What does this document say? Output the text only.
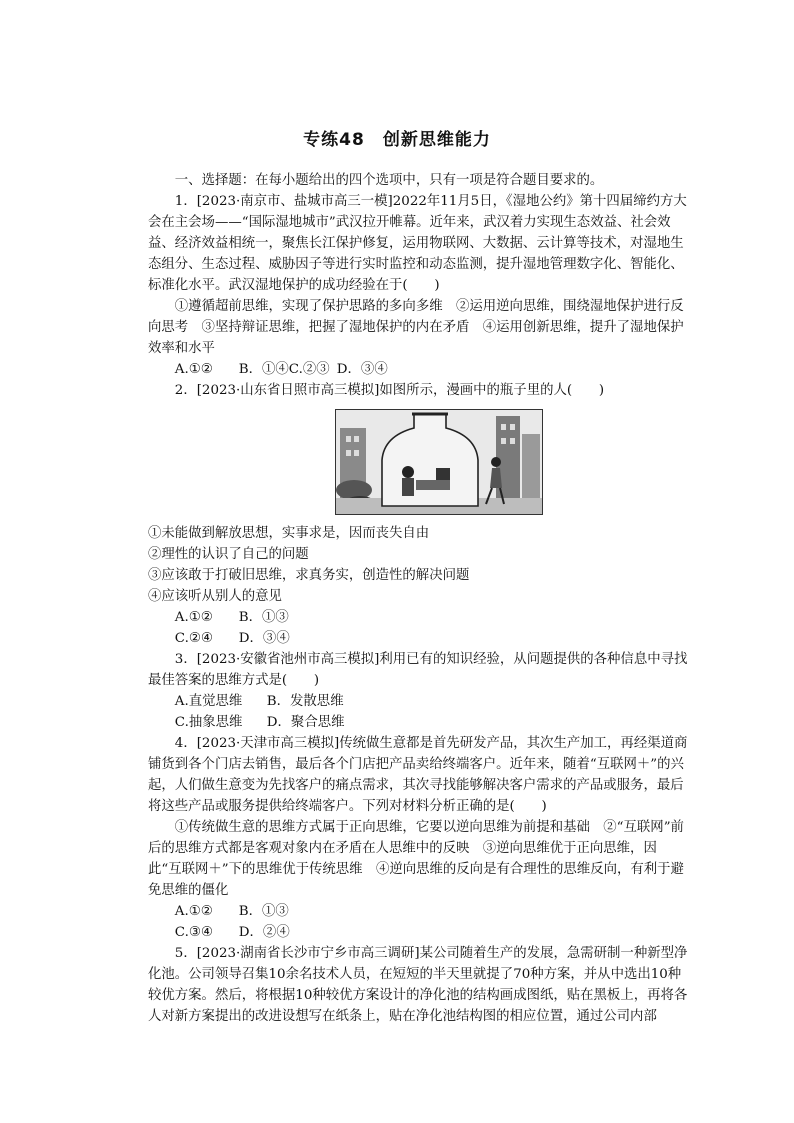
专练48　创新思维能力

一、选择题：在每小题给出的四个选项中，只有一项是符合题目要求的。

1．[2023·南京市、盐城市高三一模]2022年11月5日，《湿地公约》第十四届缔约方大会在主会场——“国际湿地城市”武汉拉开帷幕。近年来，武汉着力实现生态效益、社会效益、经济效益相统一，聚焦长江保护修复，运用物联网、大数据、云计算等技术，对湿地生态组分、生态过程、威胁因子等进行实时监控和动态监测，提升湿地管理数字化、智能化、标准化水平。武汉湿地保护的成功经验在于(　　)

①遵循超前思维，实现了保护思路的多向多维　②运用逆向思维，围绕湿地保护进行反向思考　③坚持辩证思维，把握了湿地保护的内在矛盾　④运用创新思维，提升了湿地保护效率和水平

A.①② B．①④C.②③ D．③④

2．[2023·山东省日照市高三模拟]如图所示，漫画中的瓶子里的人(　　)

①未能做到解放思想，实事求是，因而丧失自由

②理性的认识了自己的问题

③应该敢于打破旧思维，求真务实，创造性的解决问题

④应该听从别人的意见

A.①② B．①③

C.②④ D．③④

3．[2023·安徽省池州市高三模拟]利用已有的知识经验，从问题提供的各种信息中寻找最佳答案的思维方式是(　　)

A.直觉思维 B．发散思维

C.抽象思维 D．聚合思维

4．[2023·天津市高三模拟]传统做生意都是首先研发产品，其次生产加工，再经渠道商铺货到各个门店去销售，最后各个门店把产品卖给终端客户。近年来，随着“互联网＋”的兴起，人们做生意变为先找客户的痛点需求，其次寻找能够解决客户需求的产品或服务，最后将这些产品或服务提供给终端客户。下列对材料分析正确的是(　　)

①传统做生意的思维方式属于正向思维，它要以逆向思维为前提和基础　②“互联网”前后的思维方式都是客观对象内在矛盾在人思维中的反映　③逆向思维优于正向思维，因此“互联网＋”下的思维优于传统思维　④逆向思维的反向是有合理性的思维反向，有利于避免思维的僵化

A.①② B．①③

C.③④ D．②④

5．[2023·湖南省长沙市宁乡市高三调研]某公司随着生产的发展，急需研制一种新型净化池。公司领导召集10余名技术人员，在短短的半天里就提了70种方案，并从中选出10种较优方案。然后，将根据10种较优方案设计的净化池的结构画成图纸，贴在黑板上，再将各人对新方案提出的改进设想写在纸条上，贴在净化池结构图的相应位置，通过公司内部
